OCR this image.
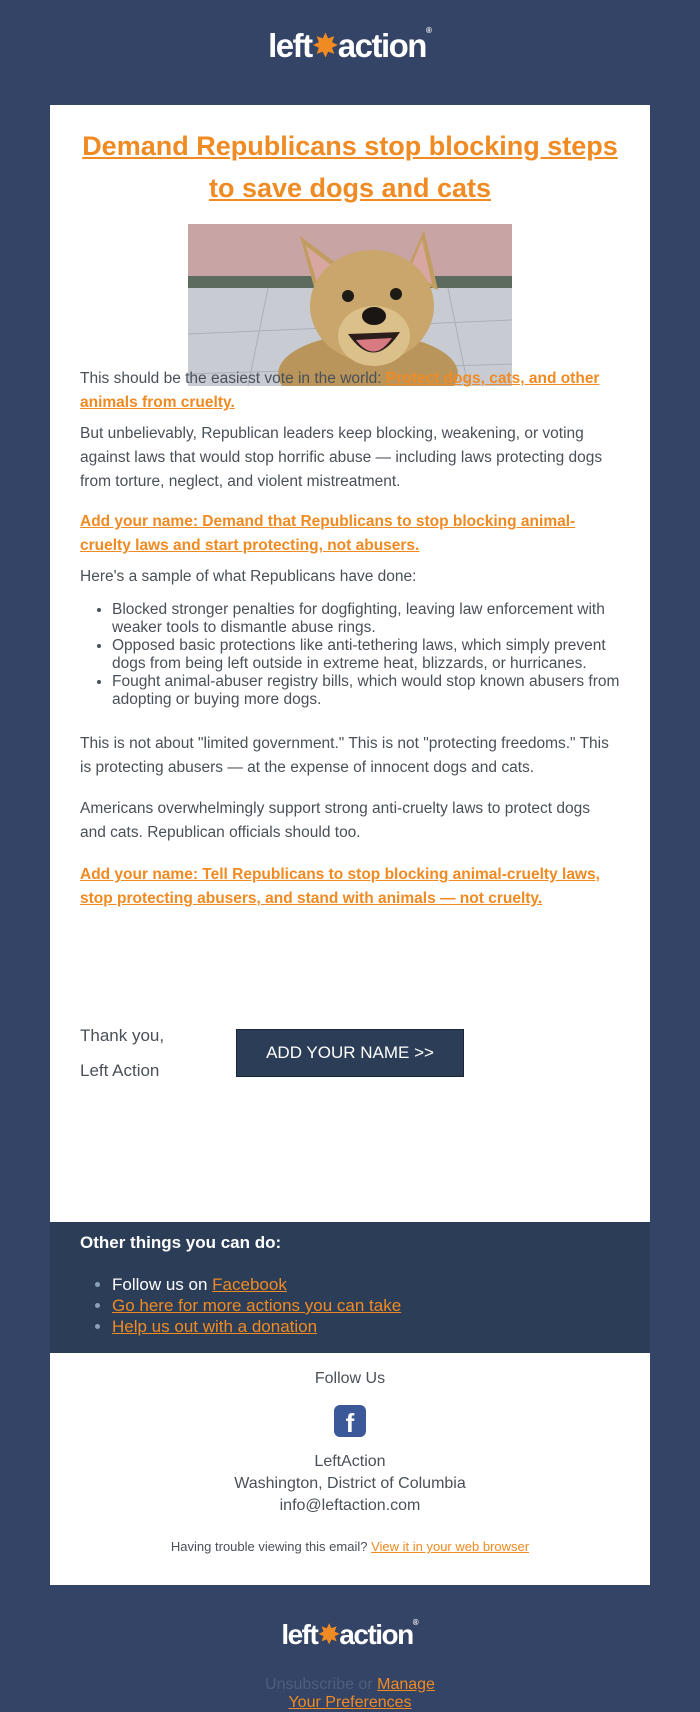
left✸action®
Demand Republicans stop blocking steps to save dogs and cats

This should be the easiest vote in the world: Protect dogs, cats, and other animals from cruelty.

But unbelievably, Republican leaders keep blocking, weakening, or voting against laws that would stop horrific abuse — including laws protecting dogs from torture, neglect, and violent mistreatment.

Add your name: Demand that Republicans to stop blocking animal-cruelty laws and start protecting, not abusers.

Here's a sample of what Republicans have done:

• Blocked stronger penalties for dogfighting, leaving law enforcement with weaker tools to dismantle abuse rings.
• Opposed basic protections like anti-tethering laws, which simply prevent dogs from being left outside in extreme heat, blizzards, or hurricanes.
• Fought animal-abuser registry bills, which would stop known abusers from adopting or buying more dogs.

This is not about "limited government." This is not "protecting freedoms." This is protecting abusers — at the expense of innocent dogs and cats.

Americans overwhelmingly support strong anti-cruelty laws to protect dogs and cats. Republican officials should too.

Add your name: Tell Republicans to stop blocking animal-cruelty laws, stop protecting abusers, and stand with animals — not cruelty.
ADD YOUR NAME >>
Thank you,
Left Action
Other things you can do:
• Follow us on Facebook
• Go here for more actions you can take
• Help us out with a donation
Follow Us
f
LeftAction
Washington, District of Columbia
info@leftaction.com
Having trouble viewing this email? View it in your web browser
left✸action®
Unsubscribe or Manage
Your Preferences
